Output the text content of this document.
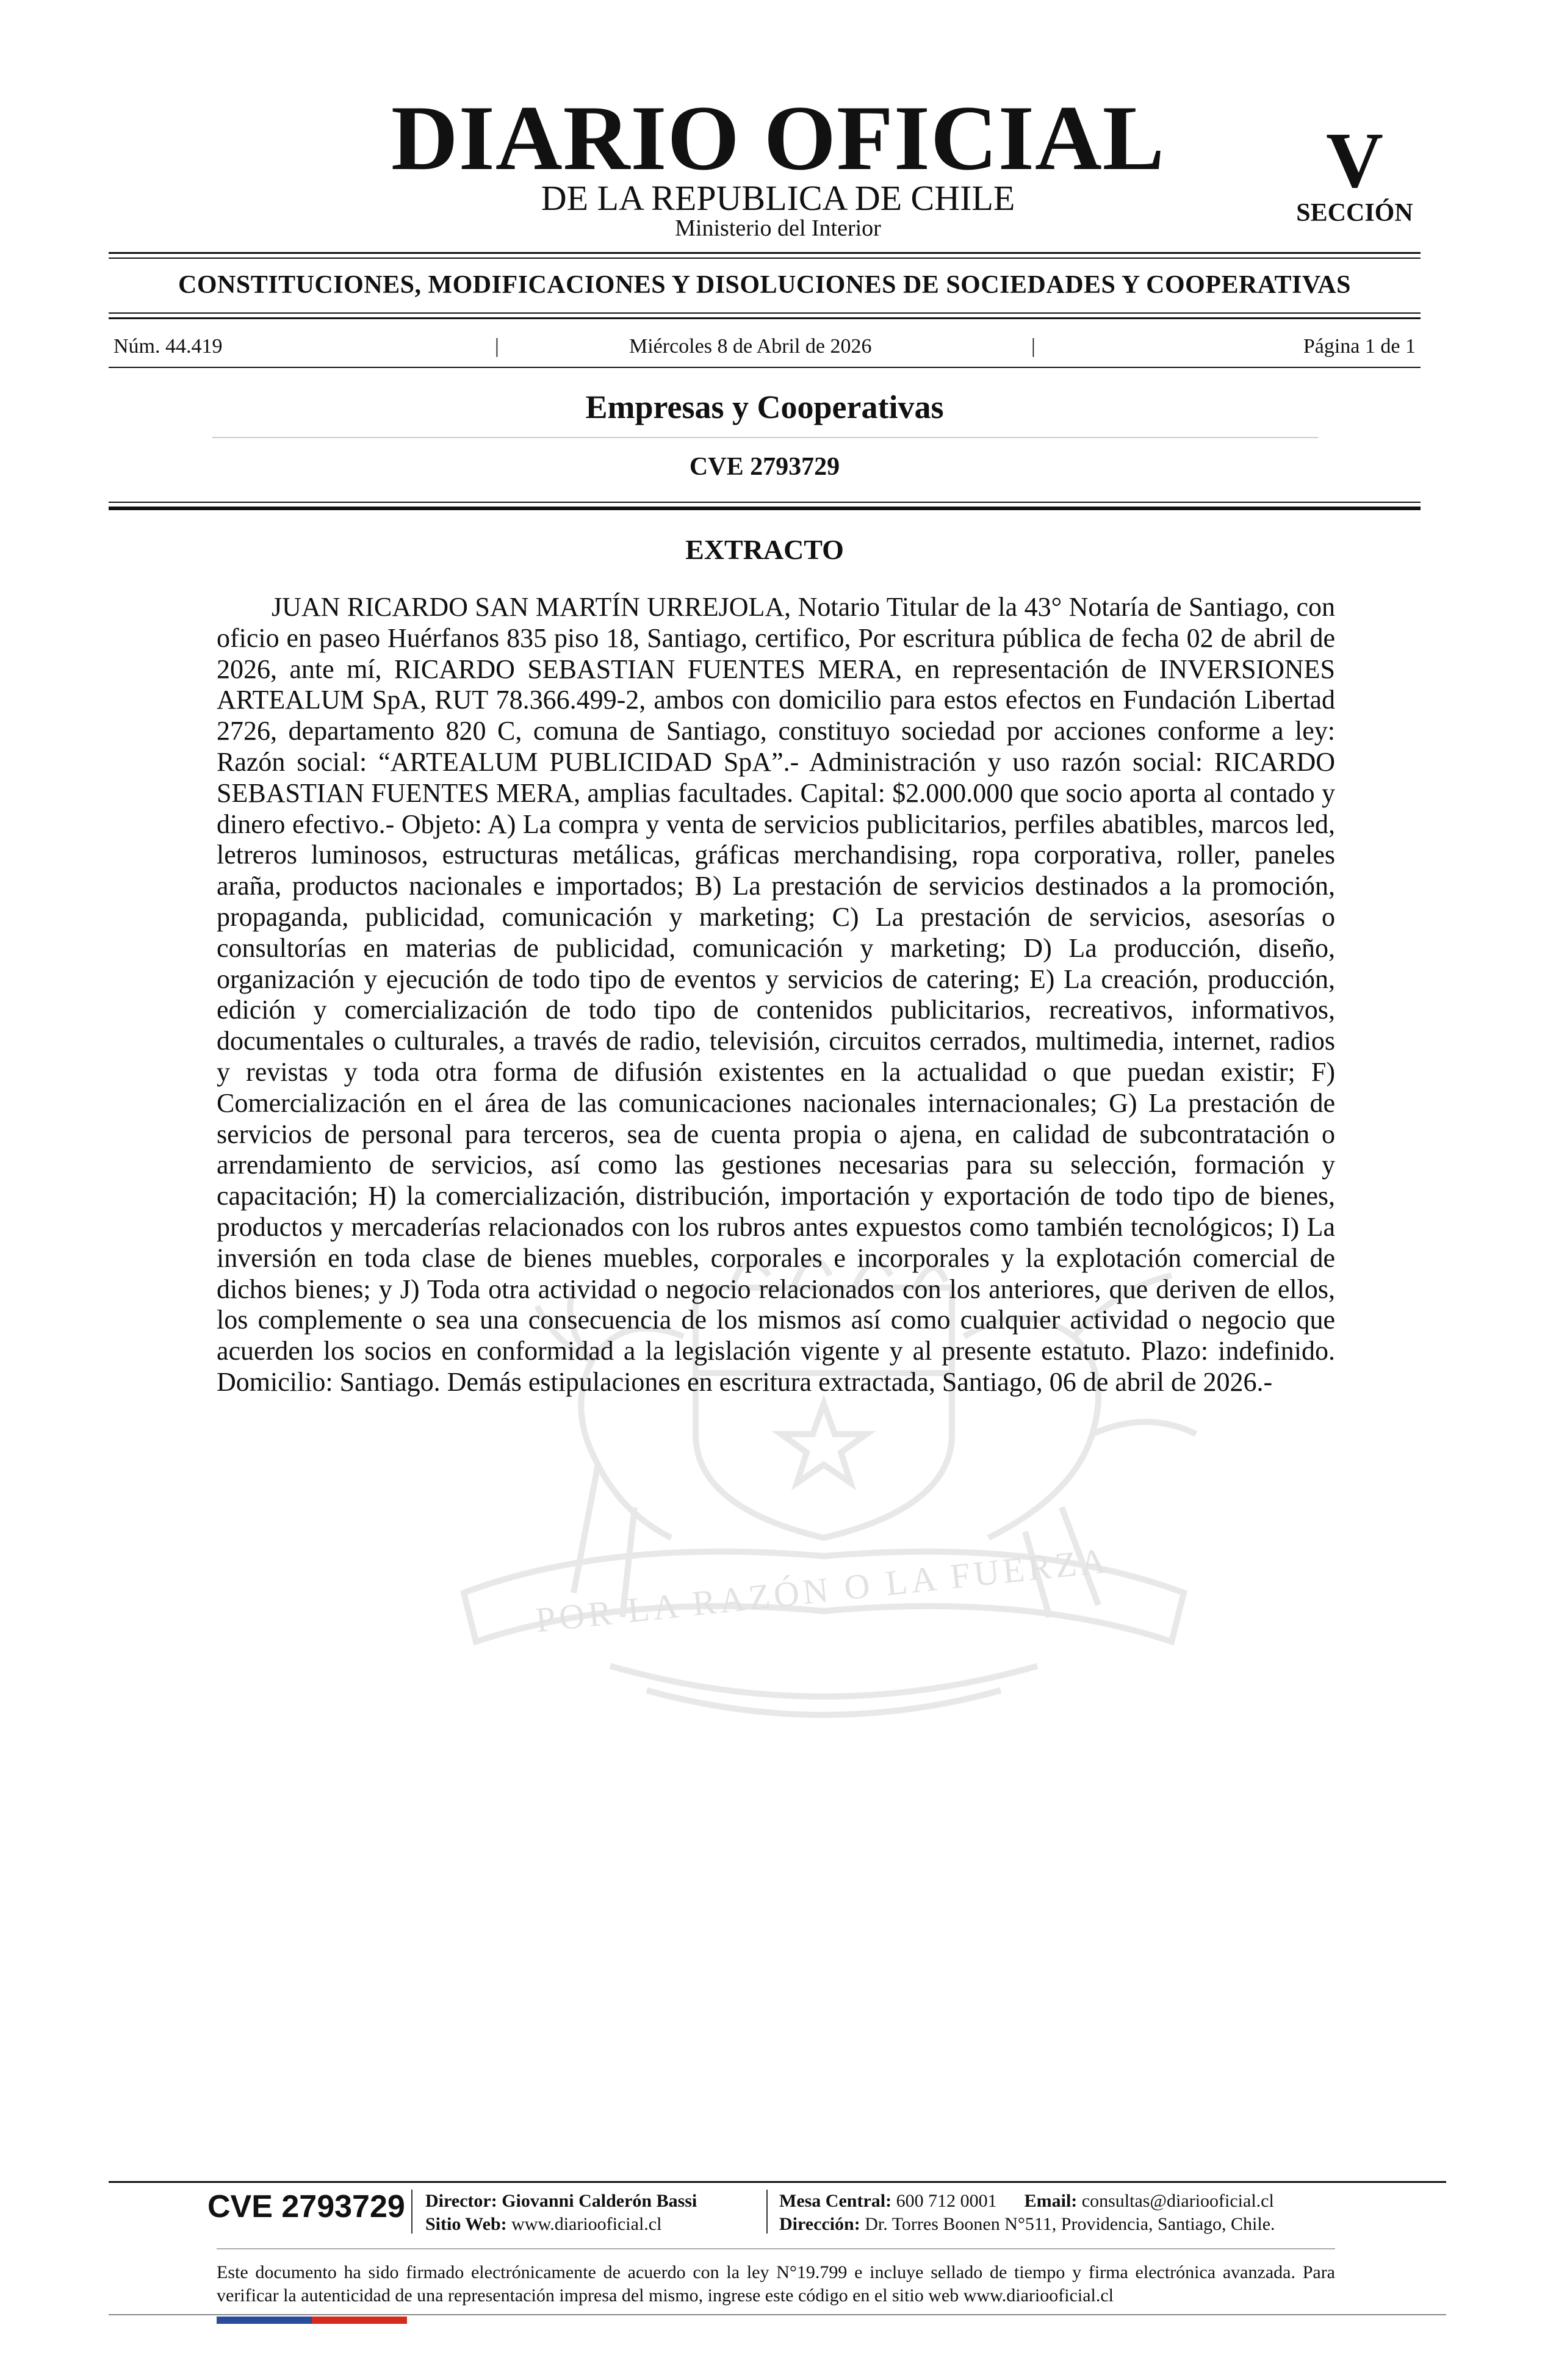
DIARIO OFICIAL
DE LA REPUBLICA DE CHILE
Ministerio del Interior
V
SECCIÓN
CONSTITUCIONES, MODIFICACIONES Y DISOLUCIONES DE SOCIEDADES Y COOPERATIVAS
Núm. 44.419	|	Miércoles 8 de Abril de 2026	|	Página 1 de 1
Empresas y Cooperativas
CVE 2793729
POR LA RAZÓN O LA FUERZA
EXTRACTO
JUAN RICARDO SAN MARTÍN URREJOLA, Notario Titular de la 43° Notaría de Santiago, con oficio en paseo Huérfanos 835 piso 18, Santiago, certifico, Por escritura pública de fecha 02 de abril de 2026, ante mí, RICARDO SEBASTIAN FUENTES MERA, en representación de INVERSIONES ARTEALUM SpA, RUT 78.366.499-2, ambos con domicilio para estos efectos en Fundación Libertad 2726, departamento 820 C, comuna de Santiago, constituyo sociedad por acciones conforme a ley: Razón social: “ARTEALUM PUBLICIDAD SpA”.- Administración y uso razón social: RICARDO SEBASTIAN FUENTES MERA, amplias facultades. Capital: $2.000.000 que socio aporta al contado y dinero efectivo.- Objeto: A) La compra y venta de servicios publicitarios, perfiles abatibles, marcos led, letreros luminosos, estructuras metálicas, gráficas merchandising, ropa corporativa, roller, paneles araña, productos nacionales e importados; B) La prestación de servicios destinados a la promoción, propaganda, publicidad, comunicación y marketing; C) La prestación de servicios, asesorías o consultorías en materias de publicidad, comunicación y marketing; D) La producción, diseño, organización y ejecución de todo tipo de eventos y servicios de catering; E) La creación, producción, edición y comercialización de todo tipo de contenidos publicitarios, recreativos, informativos, documentales o culturales, a través de radio, televisión, circuitos cerrados, multimedia, internet, radios y revistas y toda otra forma de difusión existentes en la actualidad o que puedan existir; F) Comercialización en el área de las comunicaciones nacionales internacionales; G) La prestación de servicios de personal para terceros, sea de cuenta propia o ajena, en calidad de subcontratación o arrendamiento de servicios, así como las gestiones necesarias para su selección, formación y capacitación; H) la comercialización, distribución, importación y exportación de todo tipo de bienes, productos y mercaderías relacionados con los rubros antes expuestos como también tecnológicos; I) La inversión en toda clase de bienes muebles, corporales e incorporales y la explotación comercial de dichos bienes; y J) Toda otra actividad o negocio relacionados con los anteriores, que deriven de ellos, los complemente o sea una consecuencia de los mismos así como cualquier actividad o negocio que acuerden los socios en conformidad a la legislación vigente y al presente estatuto. Plazo: indefinido. Domicilio: Santiago. Demás estipulaciones en escritura extractada, Santiago, 06 de abril de 2026.-
CVE 2793729 Director: Giovanni Calderón Bassi
Sitio Web: www.diariooficial.cl
Mesa Central: 600 712 0001 Email: consultas@diariooficial.cl
Dirección: Dr. Torres Boonen N°511, Providencia, Santiago, Chile.
Este documento ha sido firmado electrónicamente de acuerdo con la ley N°19.799 e incluye sellado de tiempo y firma electrónica avanzada. Para verificar la autenticidad de una representación impresa del mismo, ingrese este código en el sitio web www.diariooficial.cl
